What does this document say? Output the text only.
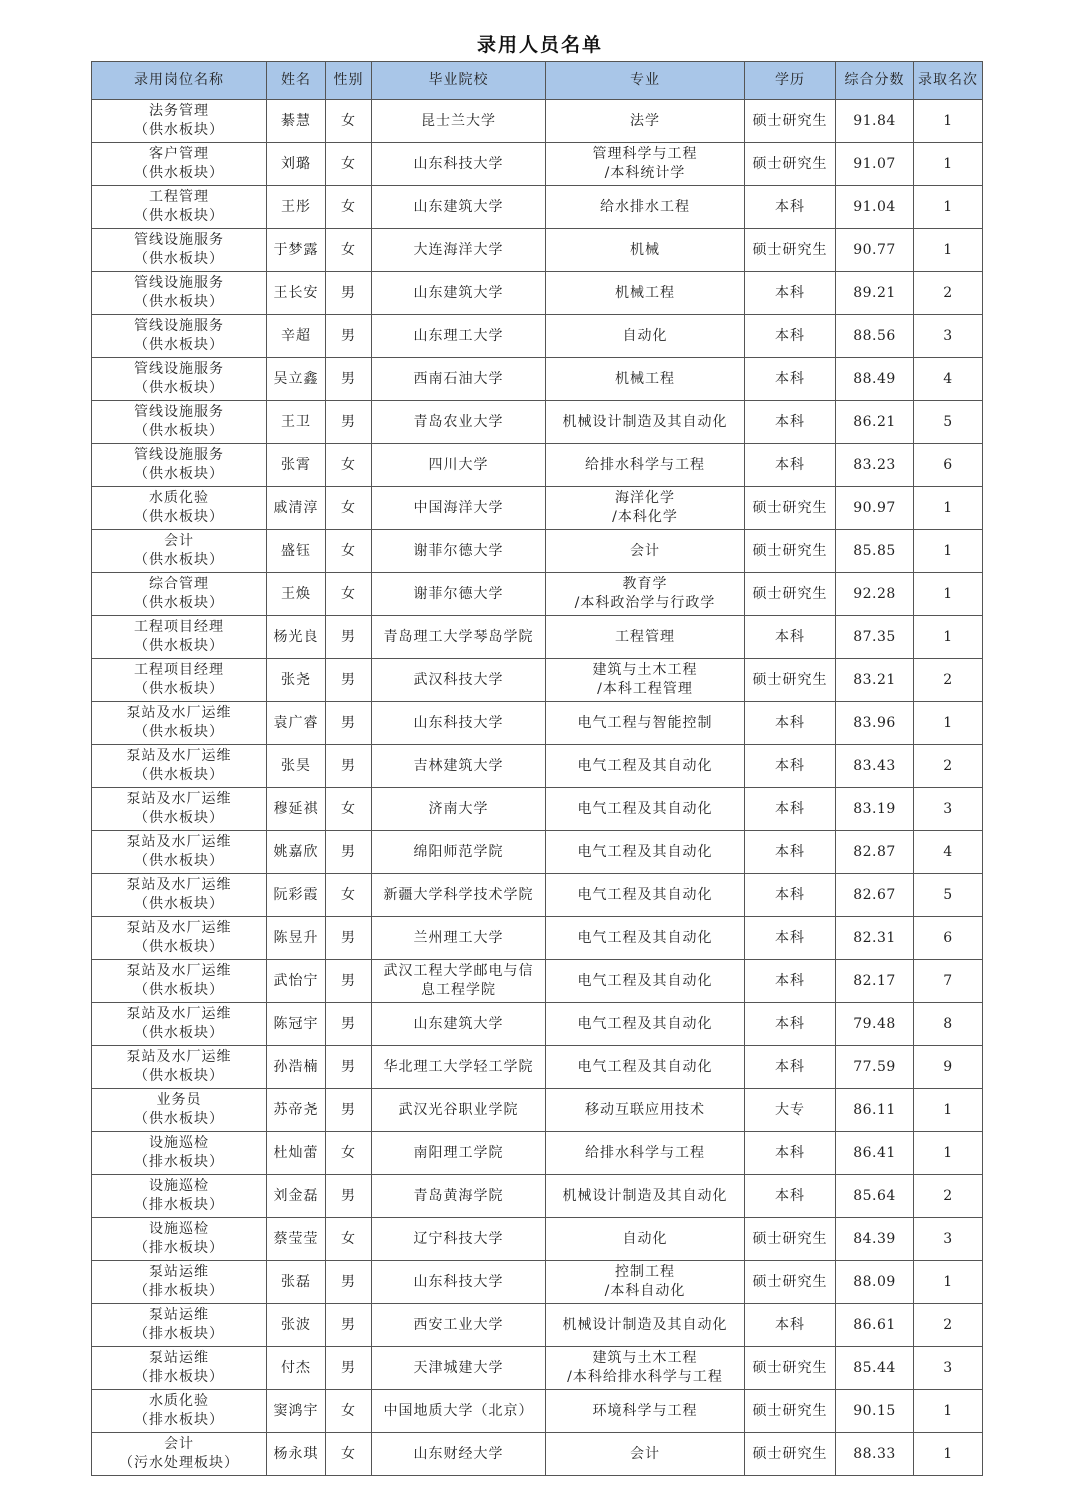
录用人员名单
录用岗位名称	姓名	性别	毕业院校	专业	学历	综合分数	录取名次

法务管理
（供水板块）	綦慧	女	昆士兰大学	法学	硕士研究生	91.84	1

客户管理
（供水板块）	刘璐	女	山东科技大学	管理科学与工程
/本科统计学	硕士研究生	91.07	1

工程管理
（供水板块）	王彤	女	山东建筑大学	给水排水工程	本科	91.04	1

管线设施服务
（供水板块）	于梦露	女	大连海洋大学	机械	硕士研究生	90.77	1

管线设施服务
（供水板块）	王长安	男	山东建筑大学	机械工程	本科	89.21	2

管线设施服务
（供水板块）	辛超	男	山东理工大学	自动化	本科	88.56	3

管线设施服务
（供水板块）	吴立鑫	男	西南石油大学	机械工程	本科	88.49	4

管线设施服务
（供水板块）	王卫	男	青岛农业大学	机械设计制造及其自动化	本科	86.21	5

管线设施服务
（供水板块）	张霄	女	四川大学	给排水科学与工程	本科	83.23	6

水质化验
（供水板块）	戚清淳	女	中国海洋大学	海洋化学
/本科化学	硕士研究生	90.97	1

会计
（供水板块）	盛钰	女	谢菲尔德大学	会计	硕士研究生	85.85	1

综合管理
（供水板块）	王焕	女	谢菲尔德大学	教育学
/本科政治学与行政学	硕士研究生	92.28	1

工程项目经理
（供水板块）	杨光良	男	青岛理工大学琴岛学院	工程管理	本科	87.35	1

工程项目经理
（供水板块）	张尧	男	武汉科技大学	建筑与土木工程
/本科工程管理	硕士研究生	83.21	2

泵站及水厂运维
（供水板块）	袁广睿	男	山东科技大学	电气工程与智能控制	本科	83.96	1

泵站及水厂运维
（供水板块）	张昊	男	吉林建筑大学	电气工程及其自动化	本科	83.43	2

泵站及水厂运维
（供水板块）	穆延祺	女	济南大学	电气工程及其自动化	本科	83.19	3

泵站及水厂运维
（供水板块）	姚嘉欣	男	绵阳师范学院	电气工程及其自动化	本科	82.87	4

泵站及水厂运维
（供水板块）	阮彩霞	女	新疆大学科学技术学院	电气工程及其自动化	本科	82.67	5

泵站及水厂运维
（供水板块）	陈昱升	男	兰州理工大学	电气工程及其自动化	本科	82.31	6

泵站及水厂运维
（供水板块）	武怡宁	男	武汉工程大学邮电与信
息工程学院	电气工程及其自动化	本科	82.17	7

泵站及水厂运维
（供水板块）	陈冠宇	男	山东建筑大学	电气工程及其自动化	本科	79.48	8

泵站及水厂运维
（供水板块）	孙浩楠	男	华北理工大学轻工学院	电气工程及其自动化	本科	77.59	9

业务员
（供水板块）	苏帝尧	男	武汉光谷职业学院	移动互联应用技术	大专	86.11	1

设施巡检
（排水板块）	杜灿蕾	女	南阳理工学院	给排水科学与工程	本科	86.41	1

设施巡检
（排水板块）	刘金磊	男	青岛黄海学院	机械设计制造及其自动化	本科	85.64	2

设施巡检
（排水板块）	蔡莹莹	女	辽宁科技大学	自动化	硕士研究生	84.39	3

泵站运维
（排水板块）	张磊	男	山东科技大学	控制工程
/本科自动化	硕士研究生	88.09	1

泵站运维
（排水板块）	张波	男	西安工业大学	机械设计制造及其自动化	本科	86.61	2

泵站运维
（排水板块）	付杰	男	天津城建大学	建筑与土木工程
/本科给排水科学与工程	硕士研究生	85.44	3

水质化验
（排水板块）	窦鸿宇	女	中国地质大学（北京）	环境科学与工程	硕士研究生	90.15	1

会计
（污水处理板块）	杨永琪	女	山东财经大学	会计	硕士研究生	88.33	1
